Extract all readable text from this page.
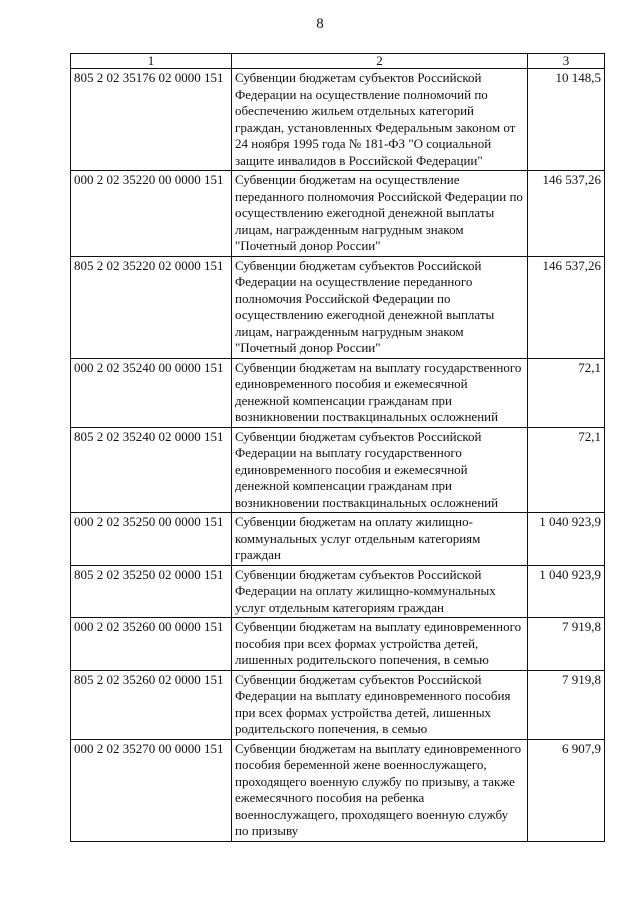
8
1	2	3
805 2 02 35176 02 0000 151	Субвенции бюджетам субъектов Российской Федерации на осуществление полномочий по обеспечению жильем отдельных категорий граждан, установленных Федеральным законом от 24 ноября 1995 года № 181-ФЗ "О социальной защите инвалидов в Российской Федерации"	10 148,5
000 2 02 35220 00 0000 151	Субвенции бюджетам на осуществление переданного полномочия Российской Федерации по осуществлению ежегодной денежной выплаты лицам, награжденным нагрудным знаком "Почетный донор России"	146 537,26
805 2 02 35220 02 0000 151	Субвенции бюджетам субъектов Российской Федерации на осуществление переданного полномочия Российской Федерации по осуществлению ежегодной денежной выплаты лицам, награжденным нагрудным знаком "Почетный донор России"	146 537,26
000 2 02 35240 00 0000 151	Субвенции бюджетам на выплату государственного единовременного пособия и ежемесячной денежной компенсации гражданам при возникновении поствакцинальных осложнений	72,1
805 2 02 35240 02 0000 151	Субвенции бюджетам субъектов Российской Федерации на выплату государственного единовременного пособия и ежемесячной денежной компенсации гражданам при возникновении поствакцинальных осложнений	72,1
000 2 02 35250 00 0000 151	Субвенции бюджетам на оплату жилищно-коммунальных услуг отдельным категориям граждан	1 040 923,9
805 2 02 35250 02 0000 151	Субвенции бюджетам субъектов Российской Федерации на оплату жилищно-коммунальных услуг отдельным категориям граждан	1 040 923,9
000 2 02 35260 00 0000 151	Субвенции бюджетам на выплату единовременного пособия при всех формах устройства детей, лишенных родительского попечения, в семью	7 919,8
805 2 02 35260 02 0000 151	Субвенции бюджетам субъектов Российской Федерации на выплату единовременного пособия при всех формах устройства детей, лишенных родительского попечения, в семью	7 919,8
000 2 02 35270 00 0000 151	Субвенции бюджетам на выплату единовременного пособия беременной жене военнослужащего, проходящего военную службу по призыву, а также ежемесячного пособия на ребенка военнослужащего, проходящего военную службу по призыву	6 907,9
